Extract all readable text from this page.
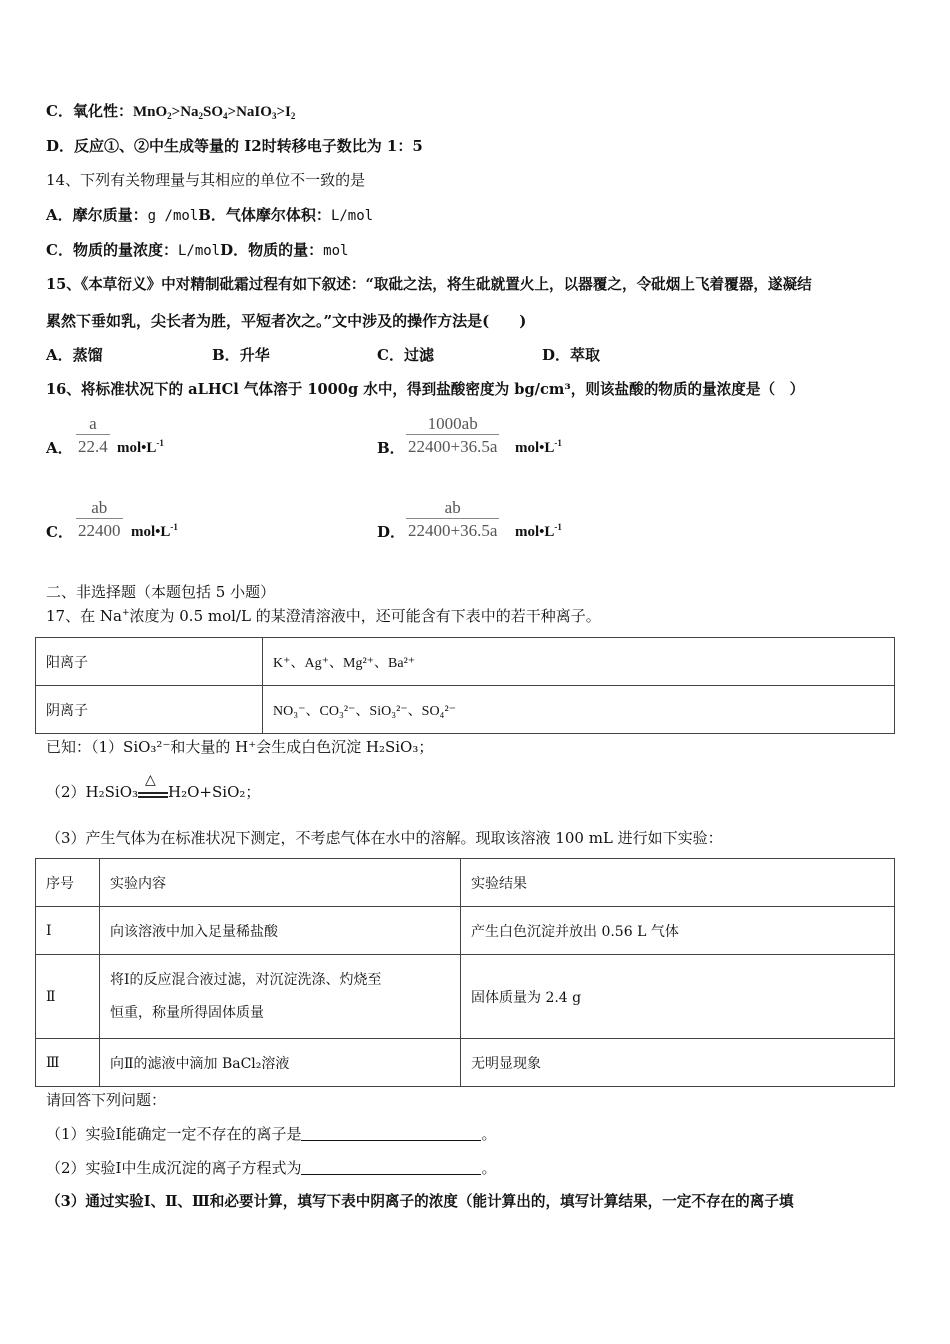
C．氧化性：$MnO_2>Na_2SO_4>NaIO_3>I_2$
D．反应①、②中生成等量的 I2时转移电子数比为 1：5
14、下列有关物理量与其相应的单位不一致的是
A．摩尔质量：g /molB．气体摩尔体积：L/mol
C．物质的量浓度：L/molD．物质的量：mol
15、《本草衍义》中对精制砒霜过程有如下叙述：“取砒之法，将生砒就置火上，以器覆之，令砒烟上飞着覆器，遂凝结
累然下垂如乳，尖长者为胜，平短者次之。”文中涉及的操作方法是(　　)
A．蒸馏	B．升华	C．过滤	D．萃取
16、将标准状况下的 aLHCl 气体溶于 1000g 水中，得到盐酸密度为 bg/cm³，则该盐酸的物质的量浓度是（　）
A． $\frac{a}{22.4}$ $mol•L^{-1}$	B． $\frac{1000ab}{22400+36.5a}$ $mol•L^{-1}$
C． $\frac{ab}{22400}$ $mol•L^{-1}$	D． $\frac{ab}{22400+36.5a}$ $mol•L^{-1}$
二、非选择题（本题包括 5 小题）
17、在 Na+浓度为 0.5 mol/L 的某澄清溶液中，还可能含有下表中的若干种离子。
阳离子	K⁺、Ag⁺、Mg²⁺、Ba²⁺
阴离子	NO₃⁻、CO₃²⁻、SiO₃²⁻、SO₄²⁻
已知：（1）SiO₃²⁻和大量的 H⁺会生成白色沉淀 H₂SiO₃；
（2）H₂SiO₃
△
H₂O+SiO₂；
（3）产生气体为在标准状况下测定，不考虑气体在水中的溶解。现取该溶液 100 mL 进行如下实验：
序号	实验内容	实验结果
Ⅰ	向该溶液中加入足量稀盐酸	产生白色沉淀并放出 0.56 L 气体
Ⅱ	将Ⅰ的反应混合液过滤，对沉淀洗涤、灼烧至
恒重，称量所得固体质量	固体质量为 2.4 g
Ⅲ	向Ⅱ的滤液中滴加 BaCl₂溶液	无明显现象
请回答下列问题：
（1）实验Ⅰ能确定一定不存在的离子是	。
（2）实验Ⅰ中生成沉淀的离子方程式为	。
（3）通过实验Ⅰ、Ⅱ、Ⅲ和必要计算，填写下表中阴离子的浓度（能计算出的，填写计算结果，一定不存在的离子填
